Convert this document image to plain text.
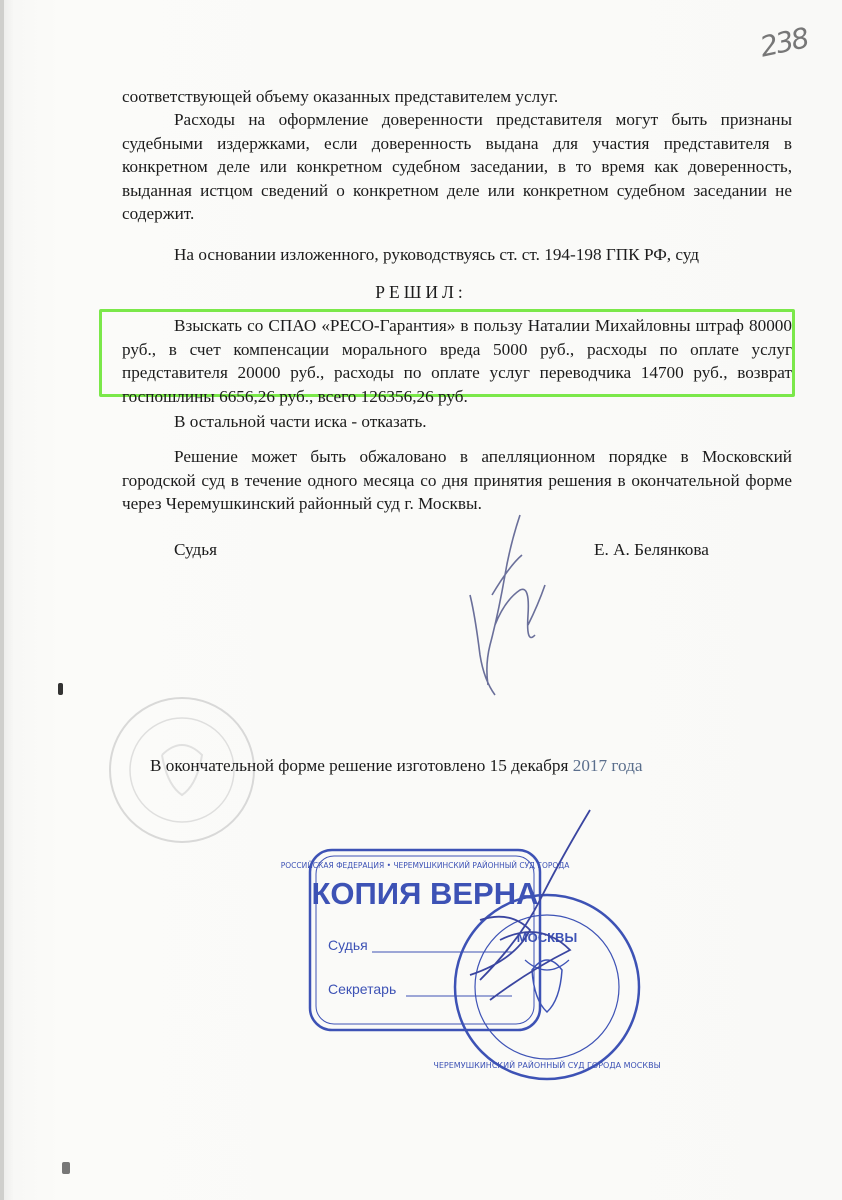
238
соответствующей объему оказанных представителем услуг.
Расходы на оформление доверенности представителя могут быть признаны судебными издержками, если доверенность выдана для участия представителя в конкретном деле или конкретном судебном заседании, в то время как доверенность, выданная истцом сведений о конкретном деле или конкретном судебном заседании не содержит.
На основании изложенного, руководствуясь ст. ст. 194-198 ГПК РФ, суд
РЕШИЛ:
Взыскать со СПАО «РЕСО-Гарантия» в пользу Наталии Михайловны штраф 80000 руб., в счет компенсации морального вреда 5000 руб., расходы по оплате услуг представителя 20000 руб., расходы по оплате услуг переводчика 14700 руб., возврат госпошлины 6656,26 руб., всего 126356,26 руб.
В остальной части иска - отказать.
Решение может быть обжаловано в апелляционном порядке в Московский городской суд в течение одного месяца со дня принятия решения в окончательной форме через Черемушкинский районный суд г. Москвы.
Судья	Е. А. Белянкова
В окончательной форме решение изготовлено 15 декабря 2017 года
РОССИЙСКАЯ ФЕДЕРАЦИЯ • ЧЕРЕМУШКИНСКИЙ РАЙОННЫЙ СУД ГОРОДА
КОПИЯ ВЕРНА
Судья
Секретарь
МОСКВЫ
ЧЕРЕМУШКИНСКИЙ РАЙОННЫЙ СУД ГОРОДА МОСКВЫ
